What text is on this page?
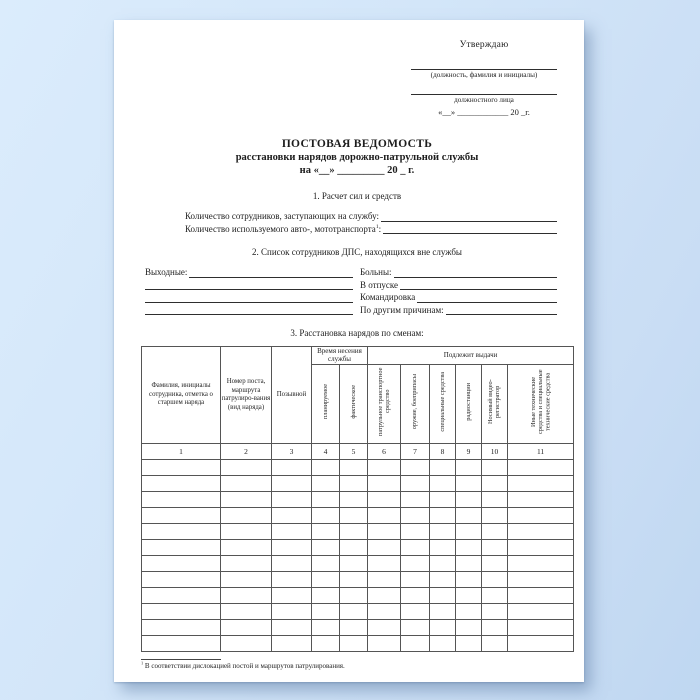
Утверждаю
(должность, фамилия и инициалы)
должностного лица
«__» ____________ 20 _г.
ПОСТОВАЯ ВЕДОМОСТЬ
расстановки нарядов дорожно-патрульной службы
на «__» _________ 20 _ г.
1. Расчет сил и средств
Количество сотрудников, заступающих на службу:
Количество используемого авто-, мототранспорта$^1$:
2. Список сотрудников ДПС, находящихся вне службы
Выходные:	Больны:
В отпуске
Командировка
По другим причинам:
3. Расстановка нарядов по сменам:
Фамилия, инициалы сотрудника, отметка о старшем наряда	Номер поста, маршрута патрулиро-вания (вид наряда)	Позывной	Время несения службы		Подлежит выдачи					
			планируемое	фактическое	патрульное транспортное средство	оружие, боеприпасы	специальные средства	радиостанции	Носимый видео-регистратор	Иные технические средства и специальные технические средства
1	2	3	4	5	6	7	8	9	10	11

$^1$ В соответствии дислокацией постой и маршрутов патрулирования.
